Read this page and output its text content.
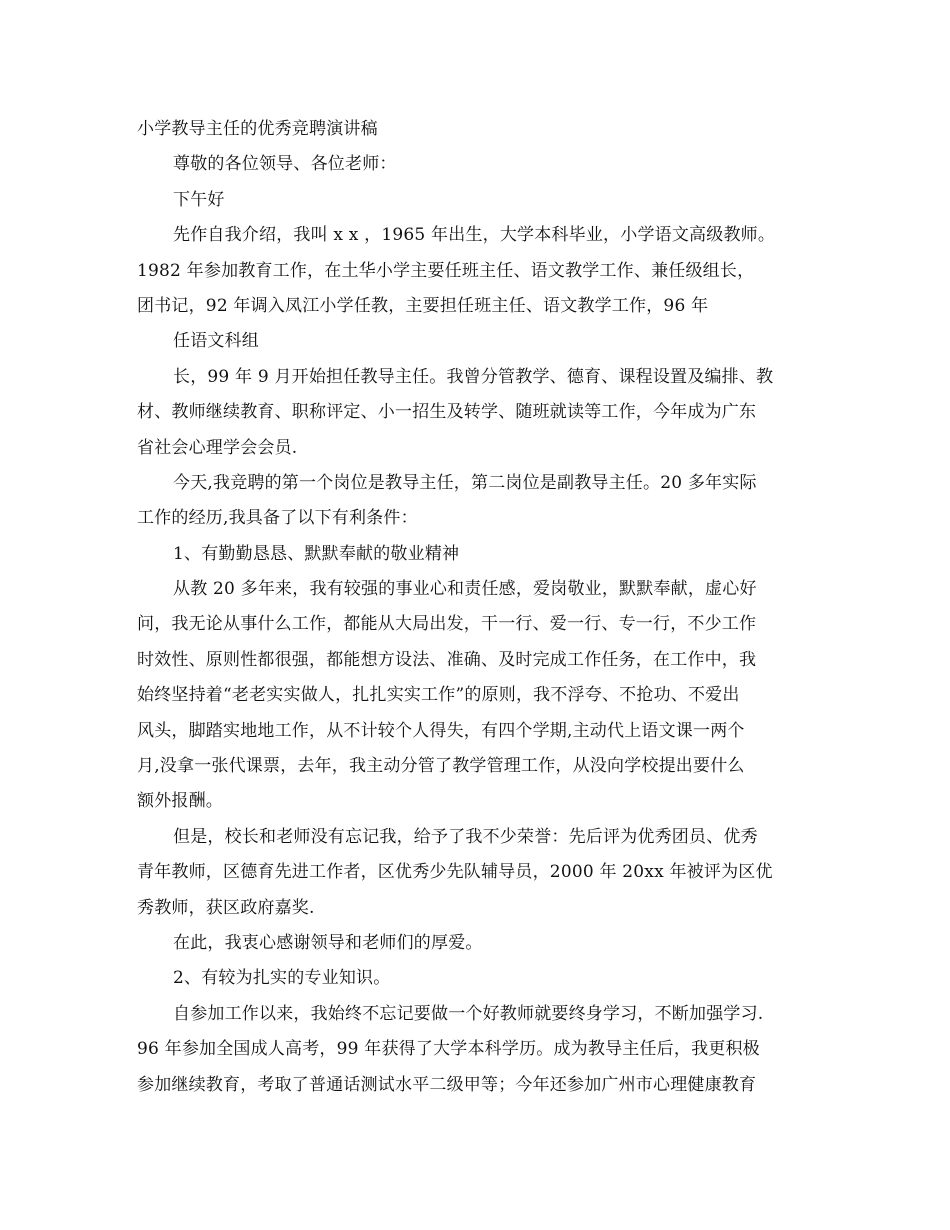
小学教导主任的优秀竞聘演讲稿
尊敬的各位领导、各位老师：
下午好
先作自我介绍，我叫 x x ，1965 年出生，大学本科毕业，小学语文高级教师。
1982 年参加教育工作，在土华小学主要任班主任、语文教学工作、兼任级组长，
团书记，92 年调入凤江小学任教，主要担任班主任、语文教学工作，96 年
任语文科组
长，99 年 9 月开始担任教导主任。我曾分管教学、德育、课程设置及编排、教
材、教师继续教育、职称评定、小一招生及转学、随班就读等工作，今年成为广东
省社会心理学会会员.
今天,我竞聘的第一个岗位是教导主任，第二岗位是副教导主任。20 多年实际
工作的经历,我具备了以下有利条件：
1、有勤勤恳恳、默默奉献的敬业精神
从教 20 多年来，我有较强的事业心和责任感，爱岗敬业，默默奉献，虚心好
问，我无论从事什么工作，都能从大局出发，干一行、爱一行、专一行，不少工作
时效性、原则性都很强，都能想方设法、准确、及时完成工作任务，在工作中，我
始终坚持着“老老实实做人，扎扎实实工作”的原则，我不浮夸、不抢功、不爱出
风头，脚踏实地地工作，从不计较个人得失，有四个学期,主动代上语文课一两个
月,没拿一张代课票，去年，我主动分管了教学管理工作，从没向学校提出要什么
额外报酬。
但是，校长和老师没有忘记我，给予了我不少荣誉：先后评为优秀团员、优秀
青年教师，区德育先进工作者，区优秀少先队辅导员，2000 年 20xx 年被评为区优
秀教师，获区政府嘉奖.
在此，我衷心感谢领导和老师们的厚爱。
2、有较为扎实的专业知识。
自参加工作以来，我始终不忘记要做一个好教师就要终身学习，不断加强学习.
96 年参加全国成人高考，99 年获得了大学本科学历。成为教导主任后，我更积极
参加继续教育，考取了普通话测试水平二级甲等；今年还参加广州市心理健康教育
